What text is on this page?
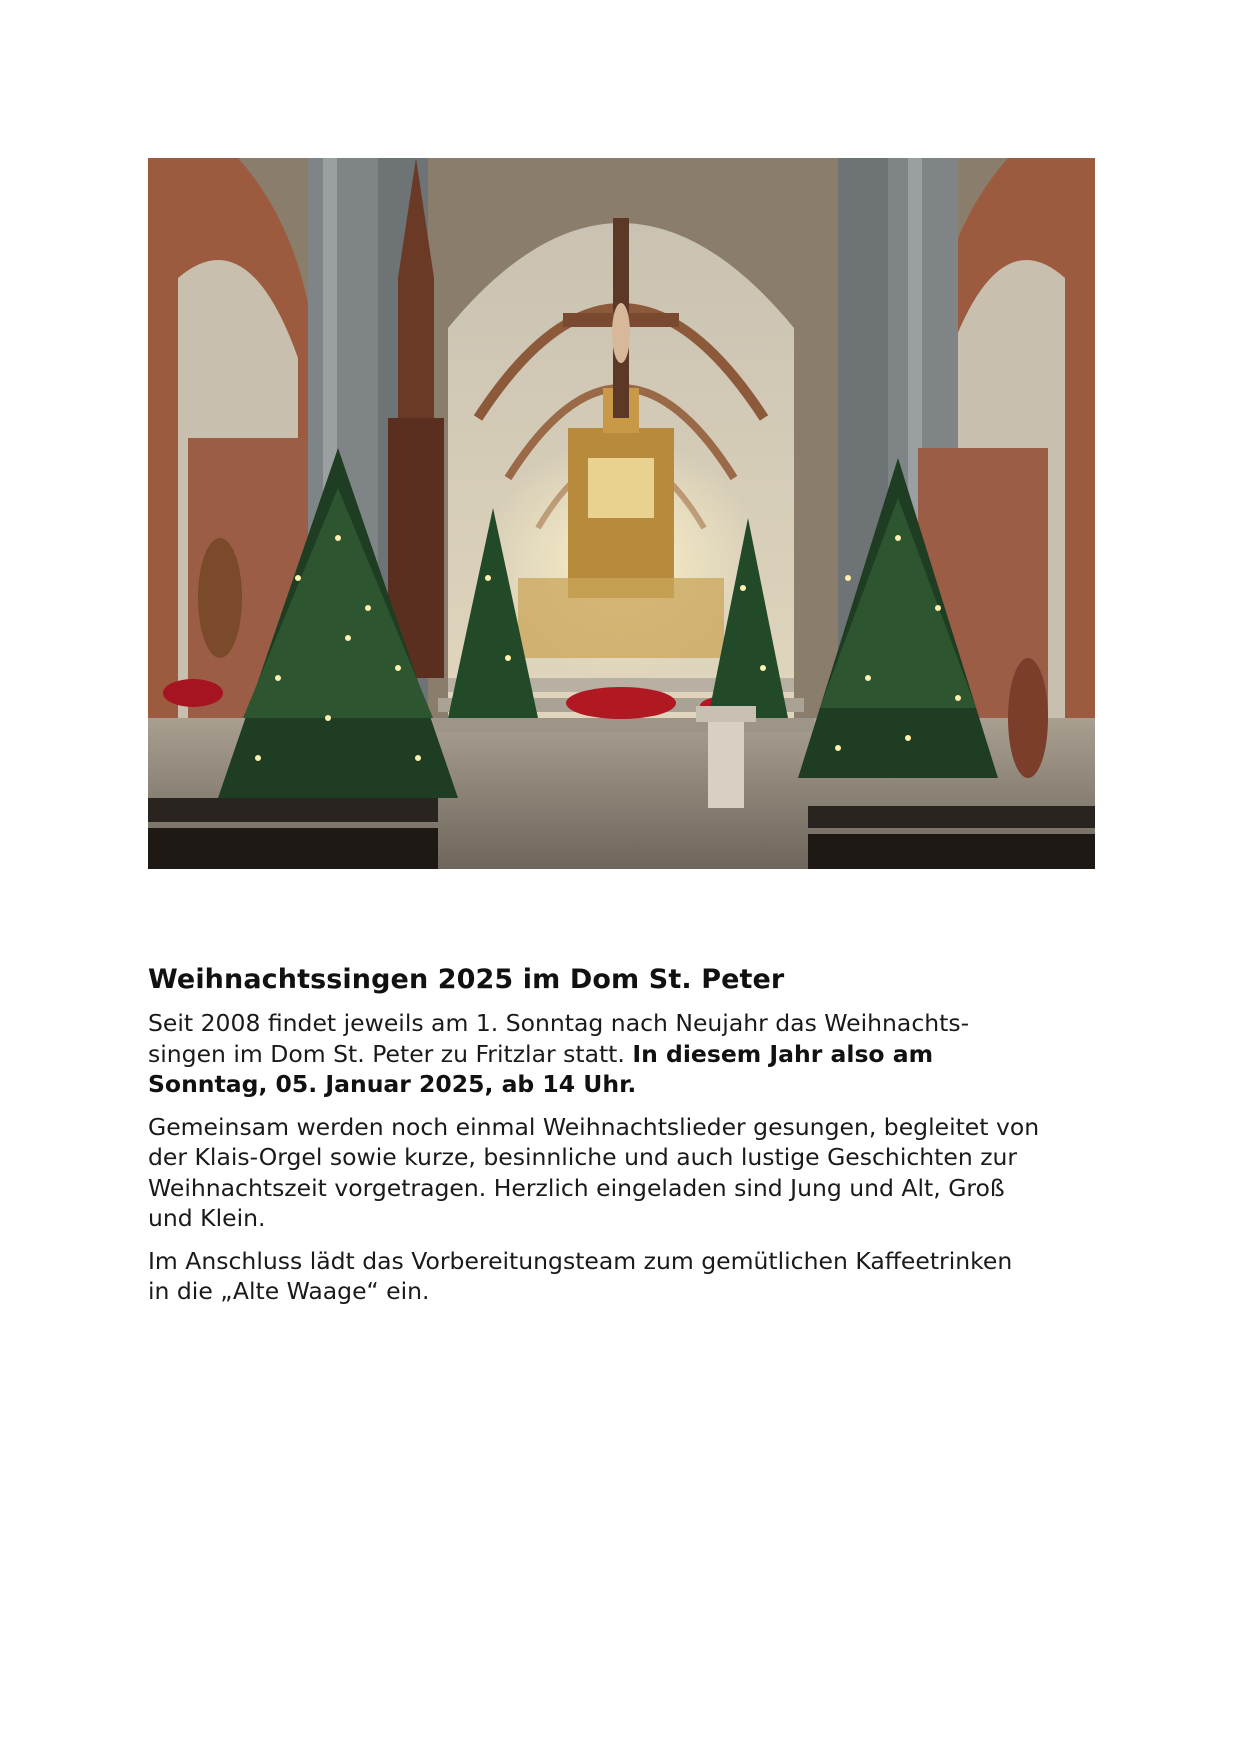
Weihnachtssingen 2025 im Dom St. Peter

Seit 2008 findet jeweils am 1. Sonntag nach Neujahr das Weihnachts-
singen im Dom St. Peter zu Fritzlar statt. In diesem Jahr also am
Sonntag, 05. Januar 2025, ab 14 Uhr.

Gemeinsam werden noch einmal Weihnachtslieder gesungen, begleitet von
der Klais-Orgel sowie kurze, besinnliche und auch lustige Geschichten zur
Weihnachtszeit vorgetragen. Herzlich eingeladen sind Jung und Alt, Groß
und Klein.

Im Anschluss lädt das Vorbereitungsteam zum gemütlichen Kaffeetrinken
in die „Alte Waage“ ein.
